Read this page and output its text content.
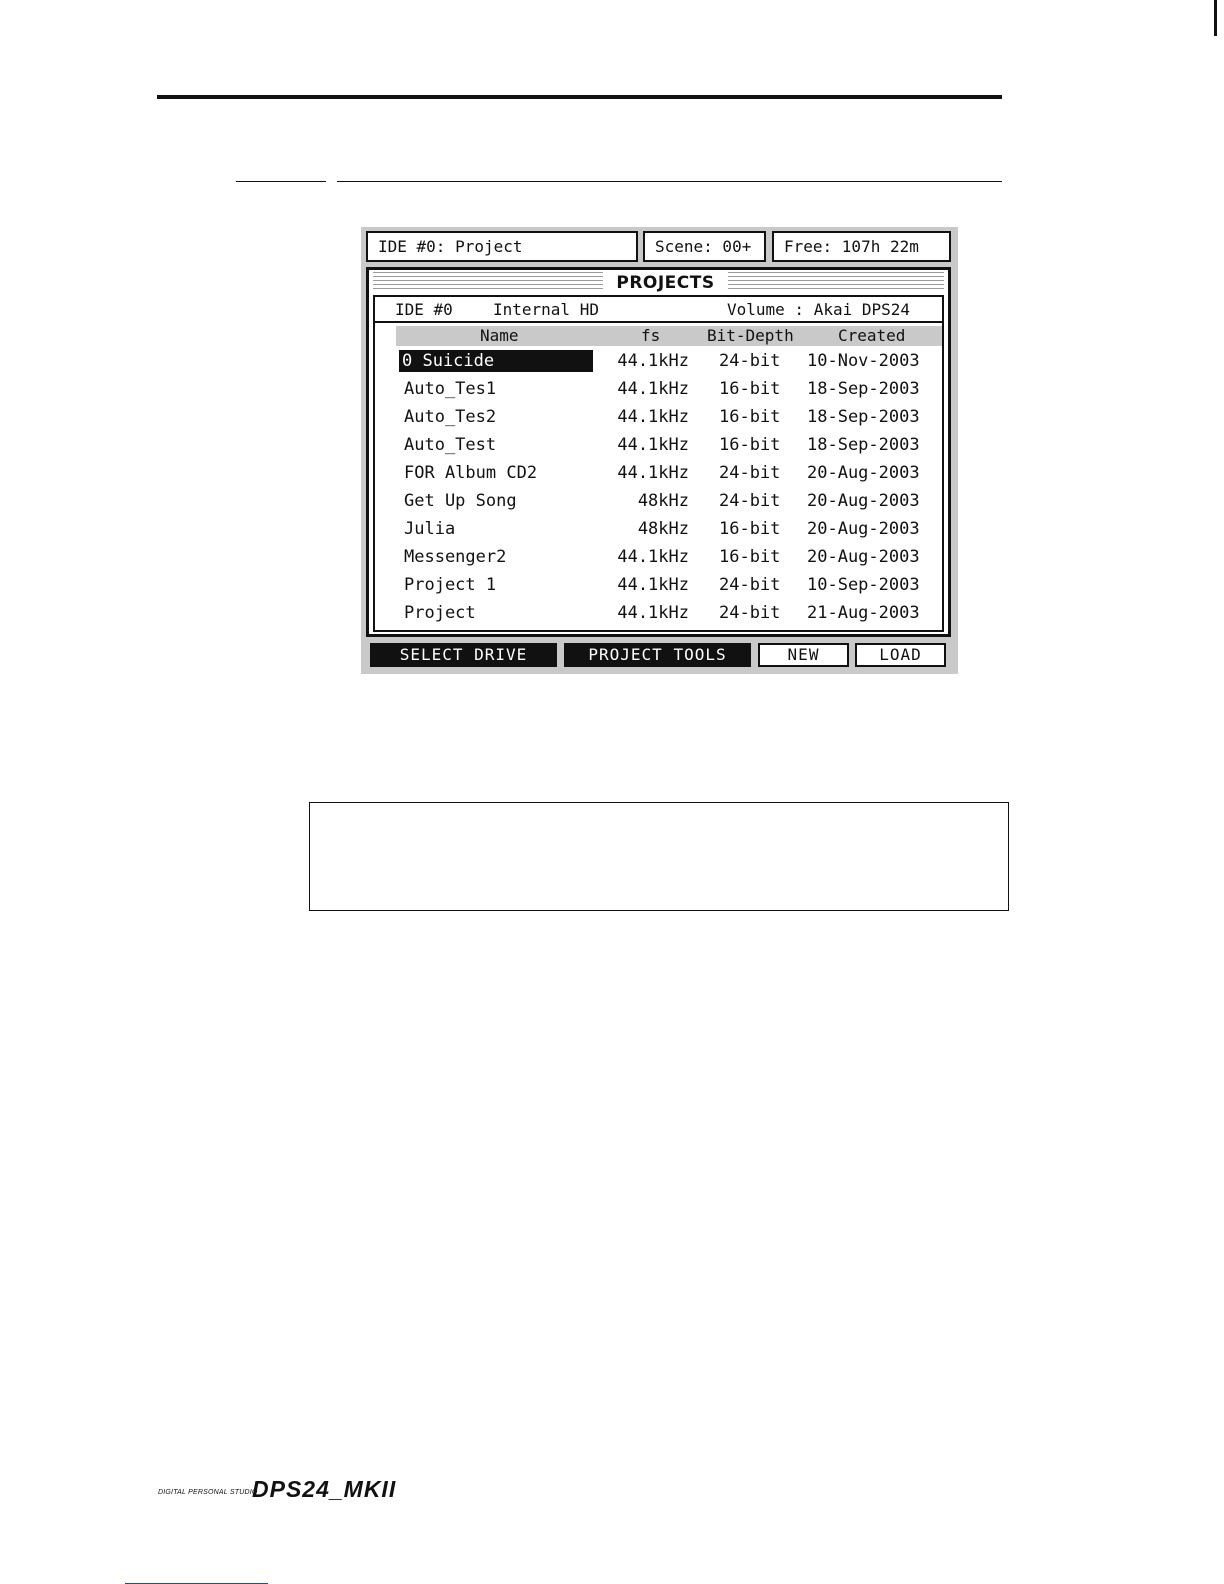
IDE #0: Project	Scene: 00+	Free: 107h 22m
PROJECTS
IDE #0	Internal HD	Volume : Akai DPS24
Name	fs	Bit-Depth	Created
0 Suicide	44.1kHz 24-bit 10-Nov-2003
Auto_Tes1	44.1kHz 16-bit 18-Sep-2003
Auto_Tes2	44.1kHz 16-bit 18-Sep-2003
Auto_Test	44.1kHz 16-bit 18-Sep-2003
FOR Album CD2	44.1kHz 24-bit 20-Aug-2003
Get Up Song	48kHz 24-bit 20-Aug-2003
Julia	48kHz 16-bit 20-Aug-2003
Messenger2	44.1kHz 16-bit 20-Aug-2003
Project 1	44.1kHz 24-bit 10-Sep-2003
Project	44.1kHz 24-bit 21-Aug-2003
SELECT DRIVE	PROJECT TOOLS	NEW	LOAD
DIGITAL PERSONAL STUDIO
DPS24_MKII
